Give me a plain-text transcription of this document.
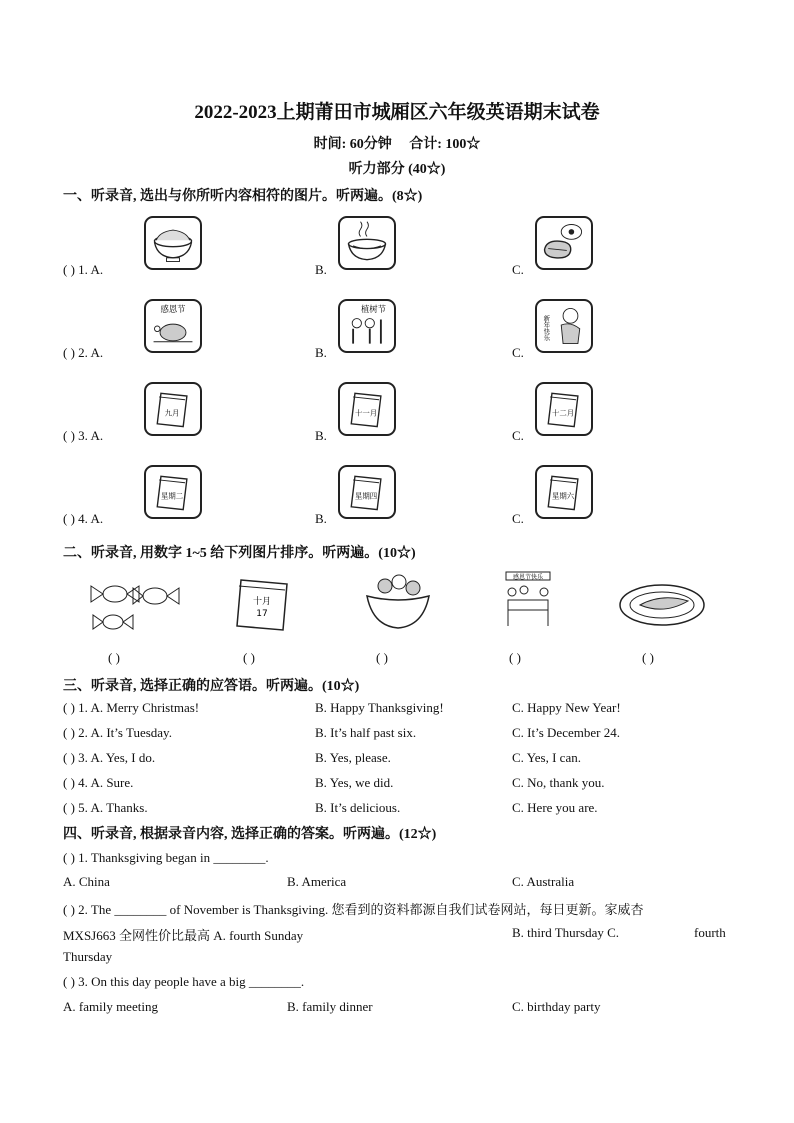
2022-2023上期莆田市城厢区六年级英语期末试卷
时间: 60分钟 合计: 100☆
听力部分 (40☆)
一、听录音, 选出与你所听内容相符的图片。听两遍。(8☆)
( ) 1. A.	B.	C.
( ) 2. A.
感恩节
B.
植树节
C.
新年快乐
( ) 3. A.
九月
B.
十一月
C.
十二月
( ) 4. A.
星期二
B.
星期四
C.
星期六
二、听录音, 用数字 1~5 给下列图片排序。听两遍。(10☆)
十月
17
感恩节快乐
( )	( )	( )	( )	( )
三、听录音, 选择正确的应答语。听两遍。(10☆)
( ) 1. A. Merry Christmas!	B. Happy Thanksgiving!	C. Happy New Year!
( ) 2. A. It’s Tuesday.	B. It’s half past six.	C. It’s December 24.
( ) 3. A. Yes, I do.	B. Yes, please.	C. Yes, I can.
( ) 4. A. Sure.	B. Yes, we did.	C. No, thank you.
( ) 5. A. Thanks.	B. It’s delicious.	C. Here you are.
四、听录音, 根据录音内容, 选择正确的答案。听两遍。(12☆)
( ) 1. Thanksgiving began in ________.
A. China	B. America	C. Australia
( ) 2. The ________ of November is Thanksgiving. 您看到的资料都源自我们试卷网站，每日更新。家威杏
MXSJ663 全网性价比最高 A. fourth Sunday	B. third Thursday C.	fourth
Thursday
( ) 3. On this day people have a big ________.
A. family meeting	B. family dinner	C. birthday party
